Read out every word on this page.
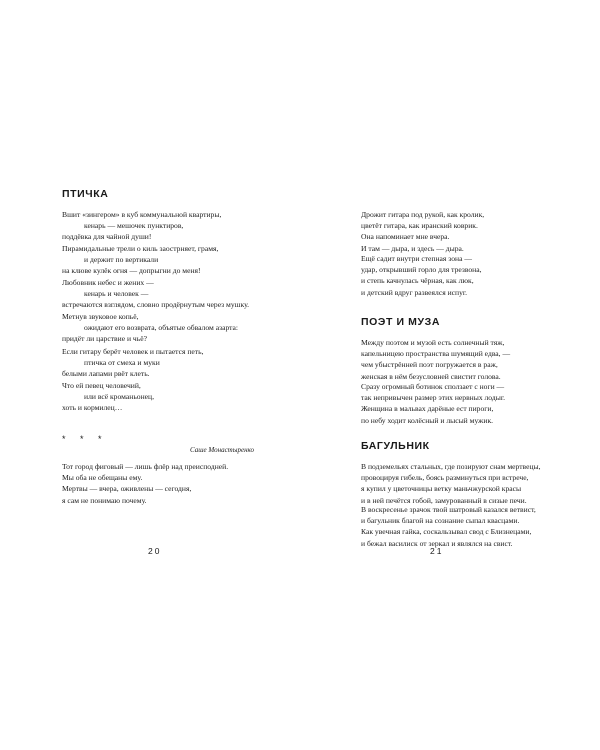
ПТИЧКА
Вшит «зингером» в куб коммунальной квартиры,
кенарь — мешочек пунктиров,
поддёвка для чайной души!
Пирамидальные трели о киль заострняет, грамя,
и держит по вертикали
на клюве кулёк огня — допрыгни до меня!
Любовник небес и жених —
кенарь и человек —
встречаются взглядом, словно продёрнутым через мушку.
Метнув звуковое копьё,
ожидают его возврата, объятые обвалом азарта:
придёт ли царствие и чьё?
Если гитару берёт человек и пытается петь,
птичка от смеха и муки
белыми лапами рвёт клеть.
Что ей певец человечий,
или всё кроманьонец,
хоть и кормилец…
* * *
Саше Монастыренко
Тот город фиговый — лишь флёр над преисподней.
Мы оба не обещаны ему.
Мертвы — вчера, оживлены — сегодня,
я сам не понимаю почему.
20
Дрожит гитара под рукой, как кролик,
цветёт гитара, как иранский коврик.
Она напоминает мне вчера.
И там — дыра, и здесь — дыра.
Ещё садит внутри степная зона —
удар, открывший горло для трезвона,
и степь качнулась чёрная, как люк,
и детский вдруг развеялся испуг.
ПОЭТ И МУЗА
Между поэтом и музой есть солнечный тяж,
капельницею пространства шумящий едва, —
чем убыстрённей поэт погружается в раж,
женская в нём безусловней свистит голова.
Сразу огромный ботинок сползает с ноги —
так непривычен размер этих нервных лодыг.
Женщина в мальвах дарёные ест пироги,
по небу ходит колёсный и лысый мужик.
БАГУЛЬНИК
В подземельях стальных, где позируют снам мертвецы,
провоцируя гибель, боясь разминуться при встрече,
я купил у цветочницы ветку маньчжурской красы
и в ней печётся гобой, замурованный в сизые печи.
В воскресенье зрачок твой шатровый казался ветвист,
и багульник благой на сознание сыпал квасцами.
Как увечная гайка, соскальзывал свод с Близнецами,
и бежал василиск от зеркал и являлся на свист.
21
